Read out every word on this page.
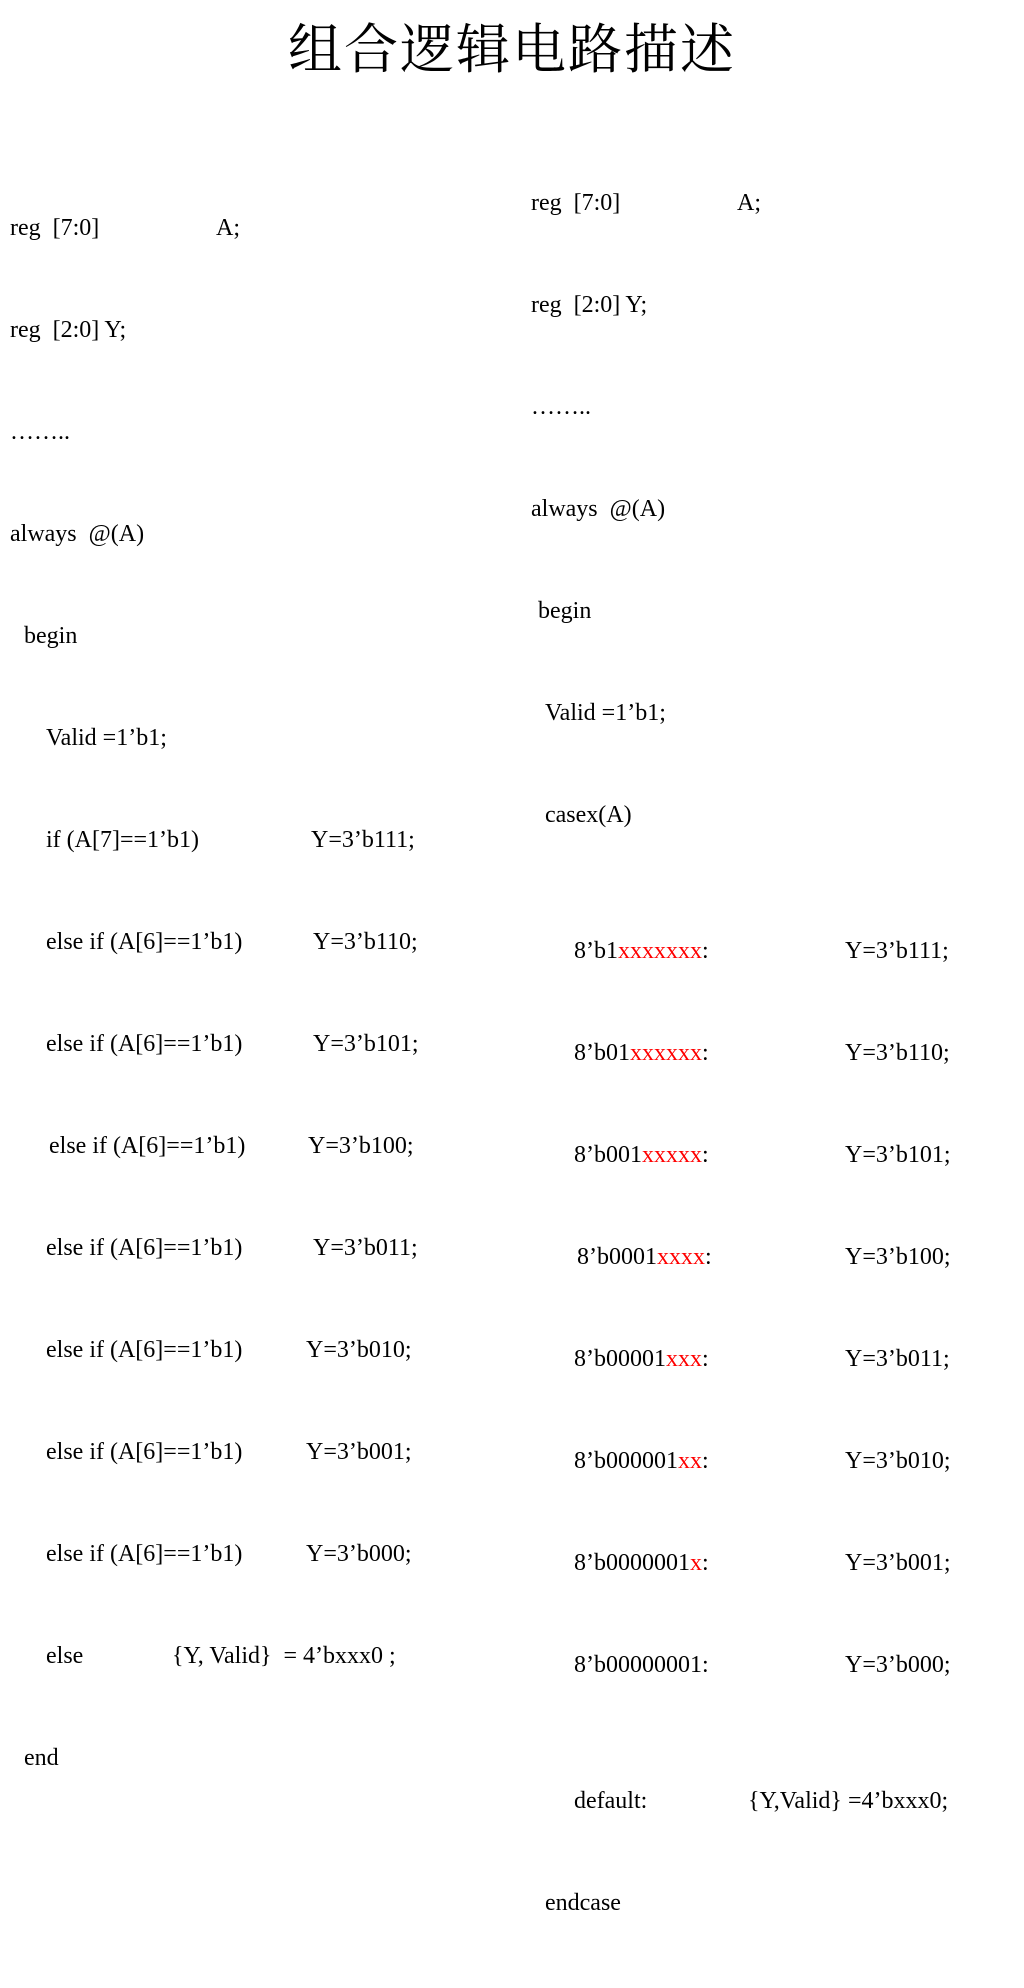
组合逻辑电路描述

reg  [7:0]

	A;

reg  [2:0] Y;

……..

always  @(A)

begin

Valid =1’b1;

if (A[7]==1’b1)

	Y=3’b111;

else if (A[6]==1’b1)

	Y=3’b110;

else if (A[6]==1’b1)

	Y=3’b101;

else if (A[6]==1’b1)

	Y=3’b100;

else if (A[6]==1’b1)

	Y=3’b011;

else if (A[6]==1’b1)

	Y=3’b010;

else if (A[6]==1’b1)

	Y=3’b001;

else if (A[6]==1’b1)

	Y=3’b000;

else

	{Y, Valid}  = 4’bxxx0 ;

end

reg  [7:0]

	A;

reg  [2:0] Y;

……..

always  @(A)

begin

Valid =1’b1;

casex(A)

8’b1xxxxxxx:

	Y=3’b111;

8’b01xxxxxx:

	Y=3’b110;

8’b001xxxxx:

	Y=3’b101;

8’b0001xxxx:

	Y=3’b100;

8’b00001xxx:

	Y=3’b011;

8’b000001xx:

	Y=3’b010;

8’b0000001x:

	Y=3’b001;

8’b00000001:

	Y=3’b000;

default:

	{Y,Valid} =4’bxxx0;

endcase
